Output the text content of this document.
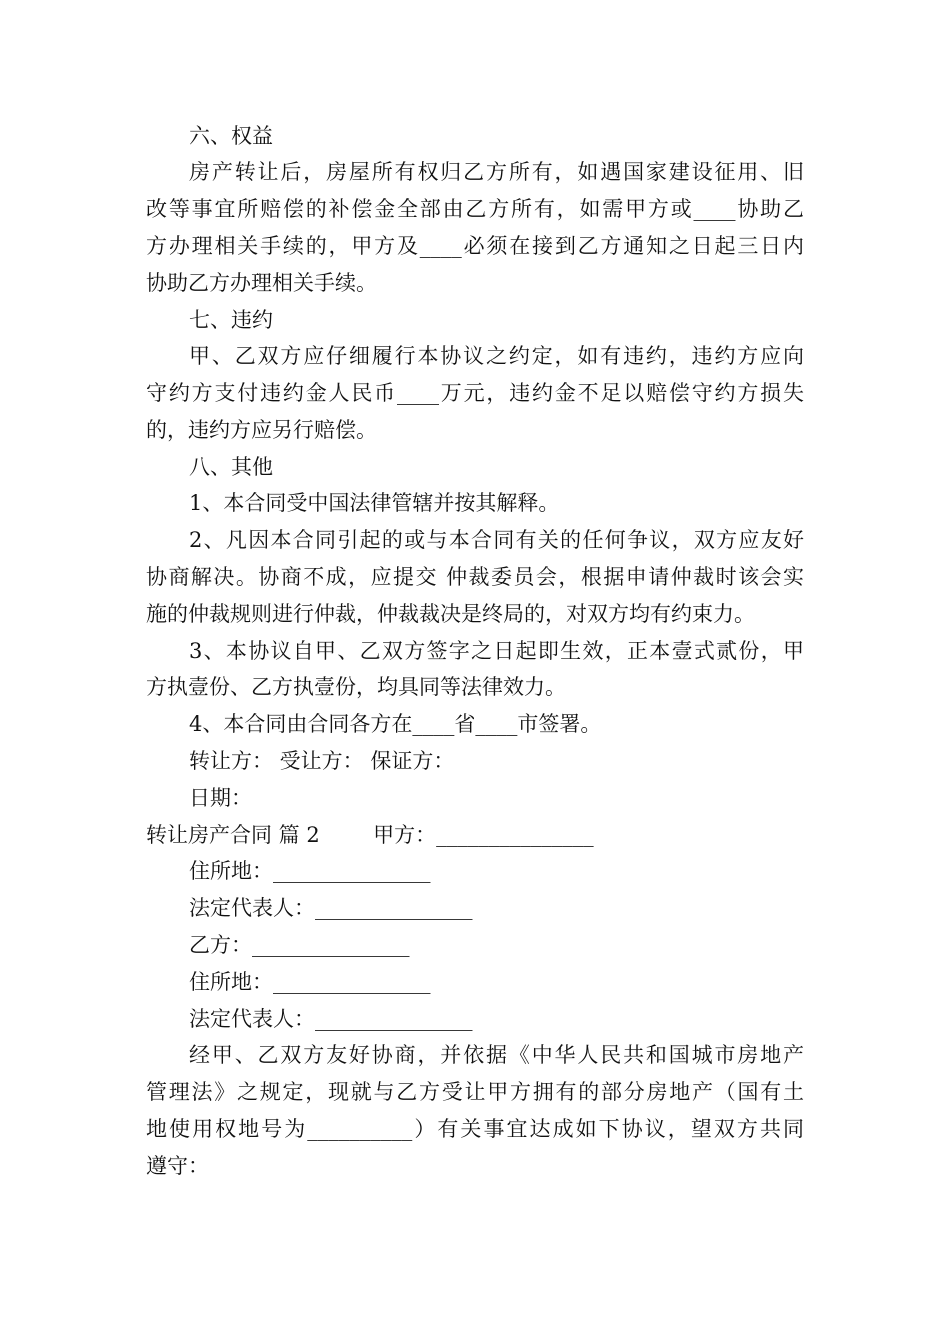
六、权益
房产转让后，房屋所有权归乙方所有，如遇国家建设征用、旧
改等事宜所赔偿的补偿金全部由乙方所有，如需甲方或____协助乙
方办理相关手续的，甲方及____必须在接到乙方通知之日起三日内
协助乙方办理相关手续。
七、违约
甲、乙双方应仔细履行本协议之约定，如有违约，违约方应向
守约方支付违约金人民币____万元，违约金不足以赔偿守约方损失
的，违约方应另行赔偿。
八、其他
1、本合同受中国法律管辖并按其解释。
2、凡因本合同引起的或与本合同有关的任何争议，双方应友好
协商解决。协商不成，应提交 仲裁委员会，根据申请仲裁时该会实
施的仲裁规则进行仲裁，仲裁裁决是终局的，对双方均有约束力。
3、本协议自甲、乙双方签字之日起即生效，正本壹式贰份，甲
方执壹份、乙方执壹份，均具同等法律效力。
4、本合同由合同各方在____省____市签署。
转让方： 受让方： 保证方：
日期：
转让房产合同 篇 2        甲方：_______________
住所地：_______________
法定代表人：_______________
乙方：_______________
住所地：_______________
法定代表人：_______________
经甲、乙双方友好协商，并依据《中华人民共和国城市房地产
管理法》之规定，现就与乙方受让甲方拥有的部分房地产（国有土
地使用权地号为__________）有关事宜达成如下协议，望双方共同
遵守：
